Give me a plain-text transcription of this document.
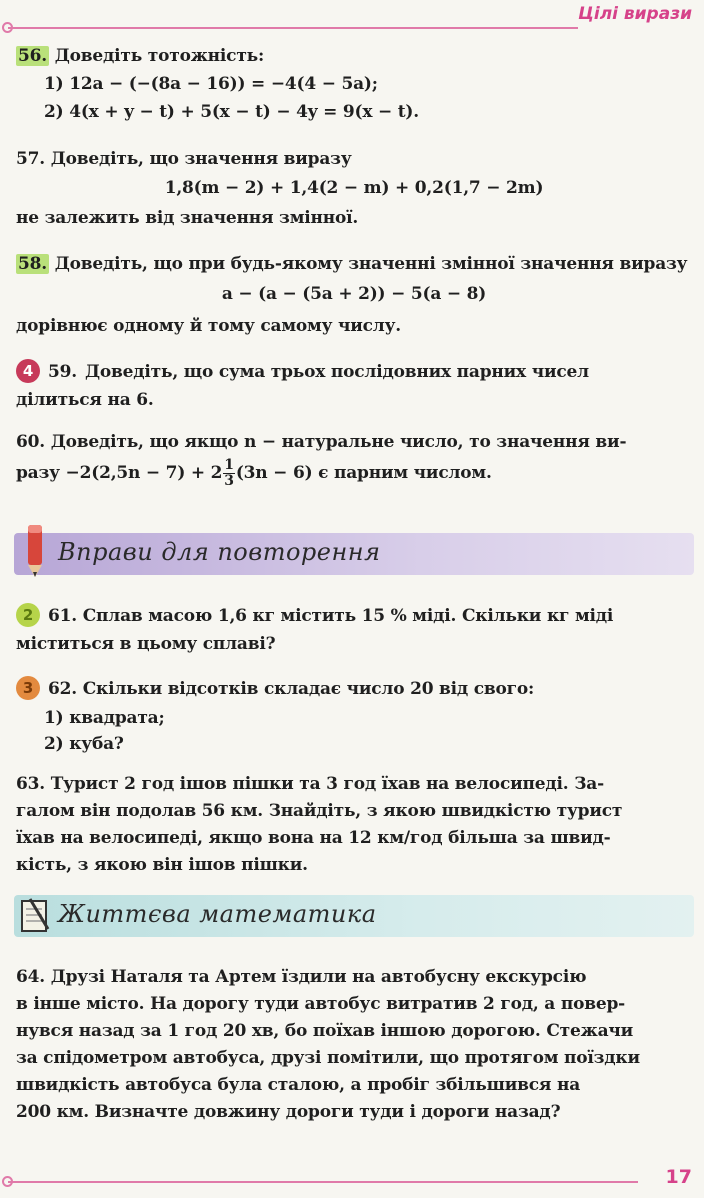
Цілі вирази
56. Доведіть тотожність:
1) 12a − (−(8a − 16)) = −4(4 − 5a);
2) 4(x + y − t) + 5(x − t) − 4y = 9(x − t).
57. Доведіть, що значення виразу
1,8(m − 2) + 1,4(2 − m) + 0,2(1,7 − 2m)
не залежить від значення змінної.
58. Доведіть, що при будь-якому значенні змінної значення виразу
a − (a − (5a + 2)) − 5(a − 8)
дорівнює одному й тому самому числу.
4 59. Доведіть, що сума трьох послідовних парних чисел
ділиться на 6.
60. Доведіть, що якщо n − натуральне число, то значення ви-
разу $-2(2,5n - 7) + 2 \frac{1}{3} (3n - 6)$ є парним числом.
Вправи для повторення
2 61. Сплав масою 1,6 кг містить 15 % міді. Скільки кг міді
міститься в цьому сплаві?
3 62. Скільки відсотків складає число 20 від свого:
1) квадрата;
2) куба?
63. Турист 2 год ішов пішки та 3 год їхав на велосипеді. За-
галом він подолав 56 км. Знайдіть, з якою швидкістю турист
їхав на велосипеді, якщо вона на 12 км/год більша за швид-
кість, з якою він ішов пішки.
Життєва математика
64. Друзі Наталя та Артем їздили на автобусну екскурсію
в інше місто. На дорогу туди автобус витратив 2 год, а повер-
нувся назад за 1 год 20 хв, бо поїхав іншою дорогою. Стежачи
за спідометром автобуса, друзі помітили, що протягом поїздки
швидкість автобуса була сталою, а пробіг збільшився на
200 км. Визначте довжину дороги туди і дороги назад?
17
